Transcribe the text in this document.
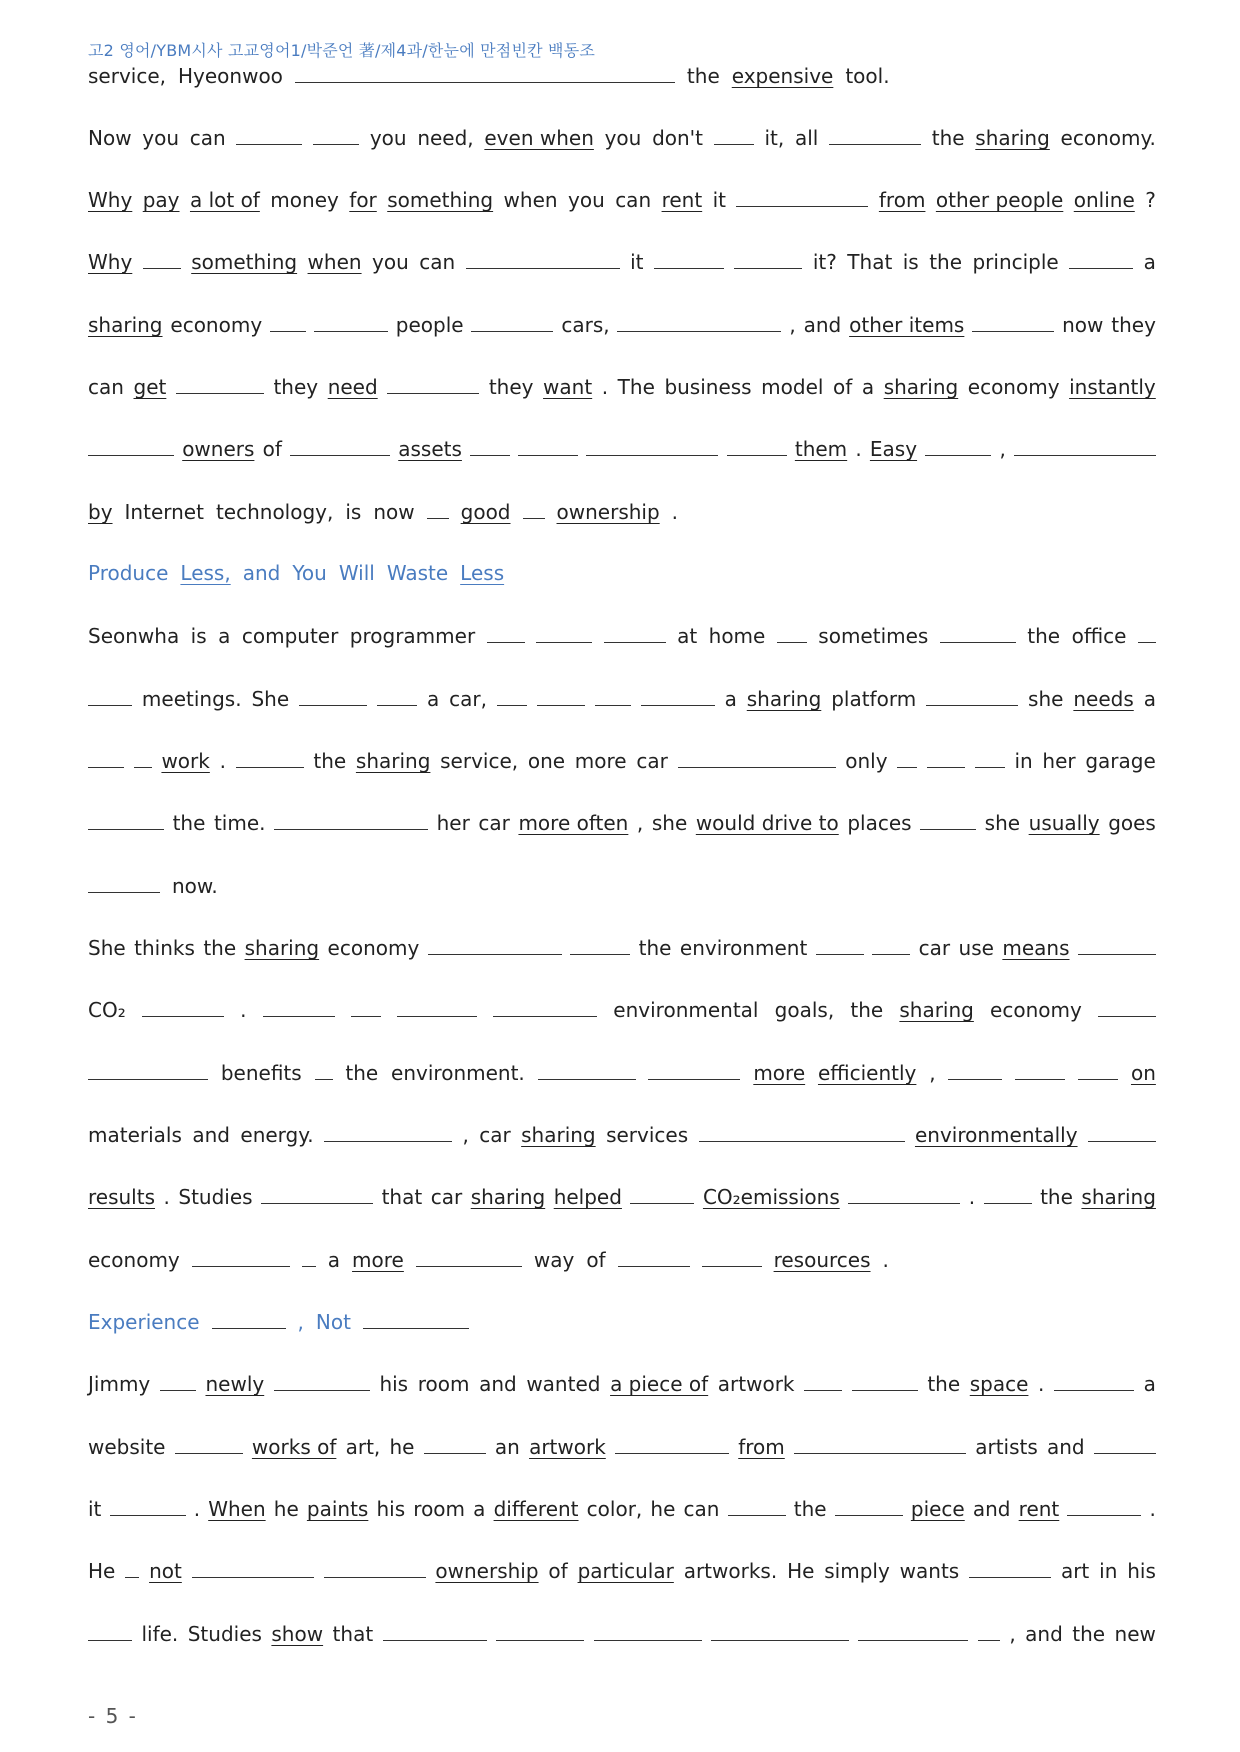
고2 영어/YBM시사 고교영어1/박준언 著/제4과/한눈에 만점빈칸 백동조
service, Hyeonwoo	the expensive tool.
Now you can	you need, even when you don't	it, all	the sharing economy.
Why pay a lot of money for something when you can rent it	from other people online ?
Why	something when you can	it	it? That is the principle	a
sharing economy	people	cars,	, and other items	now they
can get	they need	they want . The business model of a sharing economy instantly
owners of	assets	them . Easy	,
by Internet technology, is now good ownership .
Produce Less, and You Will Waste Less
Seonwha is a computer programmer	at home	sometimes	the office
meetings. She	a car,	a sharing platform	she needs a
work .	the sharing service, one more car	only	in her garage
the time.	her car more often , she would drive to places	she usually goes
now.
She thinks the sharing economy	the environment	car use means
CO₂	.	environmental goals, the sharing economy
benefits the environment.	more efficiently ,	on
materials and energy.	, car sharing services	environmentally
results . Studies	that car sharing helped	CO₂emissions	.	the sharing
economy	a more	way of	resources .
Experience	, Not
Jimmy	newly	his room and wanted a piece of artwork	the space .	a
website	works of art, he	an artwork	from	artists and
it	. When he paints his room a different color, he can	the	piece and rent	.
He not	ownership of particular artworks. He simply wants	art in his
life. Studies show that	, and the new
- 5 -
